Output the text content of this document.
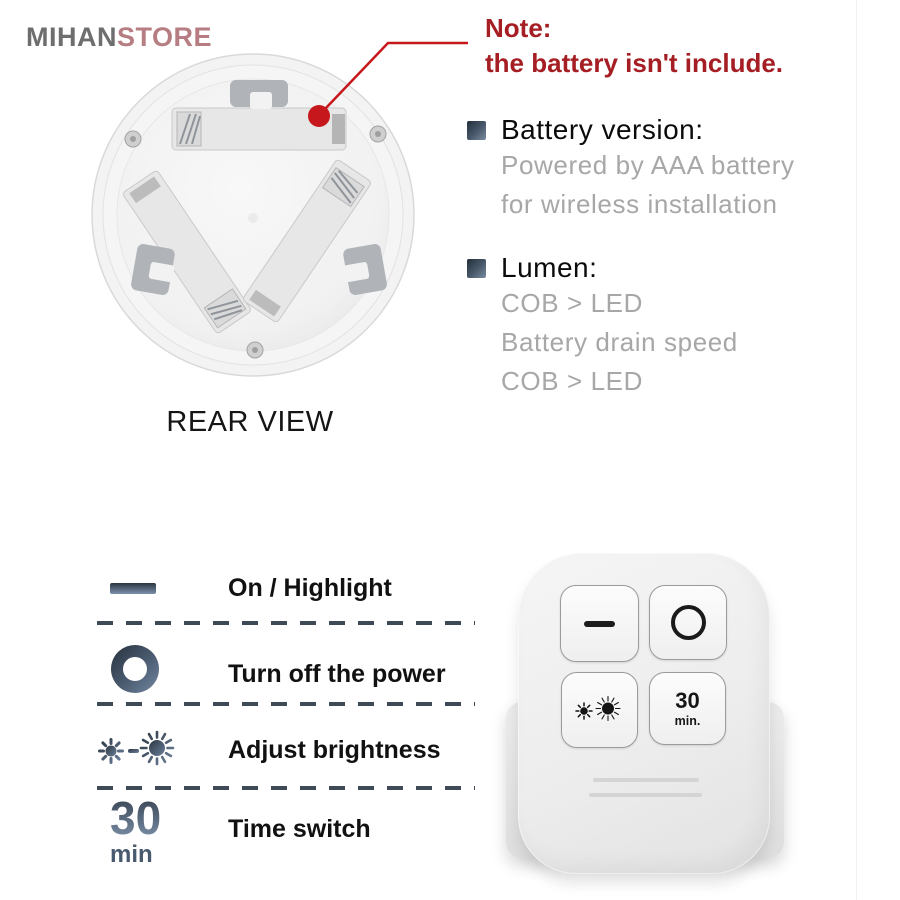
MIHANSTORE
REAR VIEW
Note:
the battery isn't include.
Battery version:
Powered by AAA battery
for wireless installation
Lumen:
COB > LED
Battery drain speed
COB > LED
On / Highlight
Turn off the power
Adjust brightness
30
min
Time switch
30
min.
